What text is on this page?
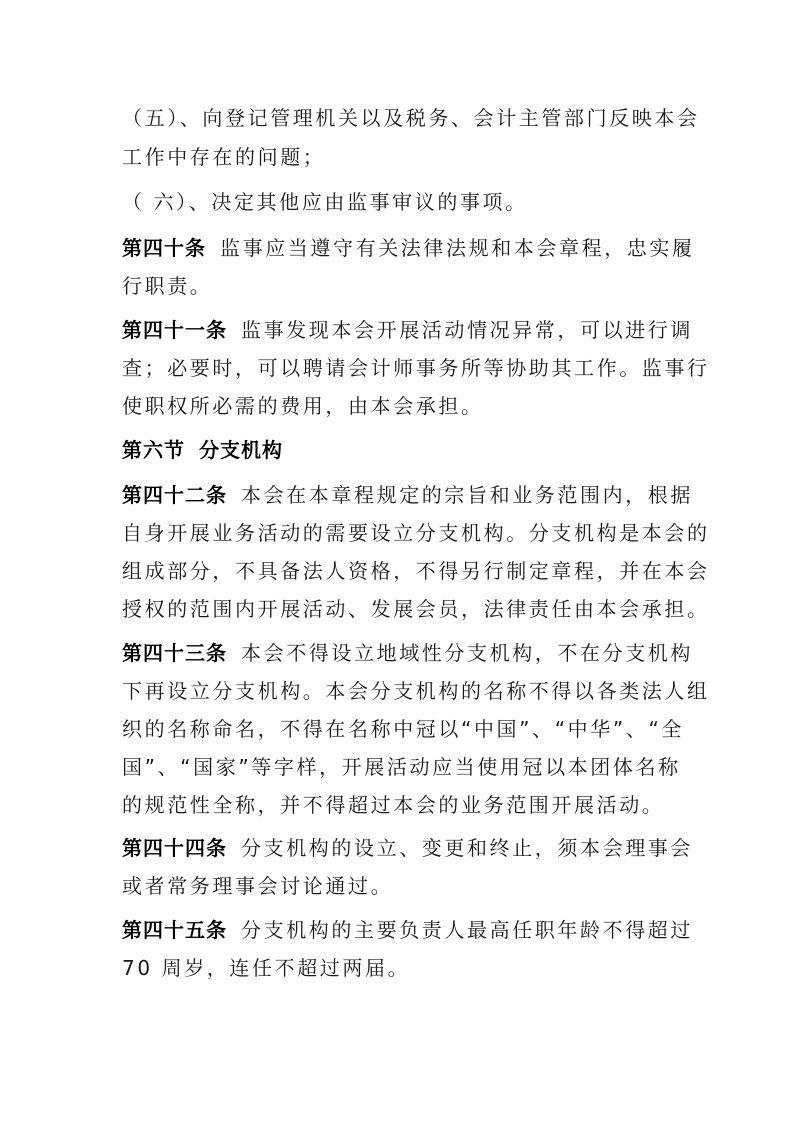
（五）、向登记管理机关以及税务、会计主管部门反映本会
工作中存在的问题；
（ 六）、决定其他应由监事审议的事项。
第四十条 监事应当遵守有关法律法规和本会章程，忠实履
行职责。
第四十一条 监事发现本会开展活动情况异常，可以进行调
查；必要时，可以聘请会计师事务所等协助其工作。监事行
使职权所必需的费用，由本会承担。
第六节 分支机构
第四十二条 本会在本章程规定的宗旨和业务范围内，根据
自身开展业务活动的需要设立分支机构。分支机构是本会的
组成部分，不具备法人资格，不得另行制定章程，并在本会
授权的范围内开展活动、发展会员，法律责任由本会承担。
第四十三条 本会不得设立地域性分支机构，不在分支机构
下再设立分支机构。本会分支机构的名称不得以各类法人组
织的名称命名，不得在名称中冠以“中国”、“中华”、“全
国”、“国家”等字样，开展活动应当使用冠以本团体名称
的规范性全称，并不得超过本会的业务范围开展活动。
第四十四条 分支机构的设立、变更和终止，须本会理事会
或者常务理事会讨论通过。
第四十五条 分支机构的主要负责人最高任职年龄不得超过
70 周岁，连任不超过两届。
